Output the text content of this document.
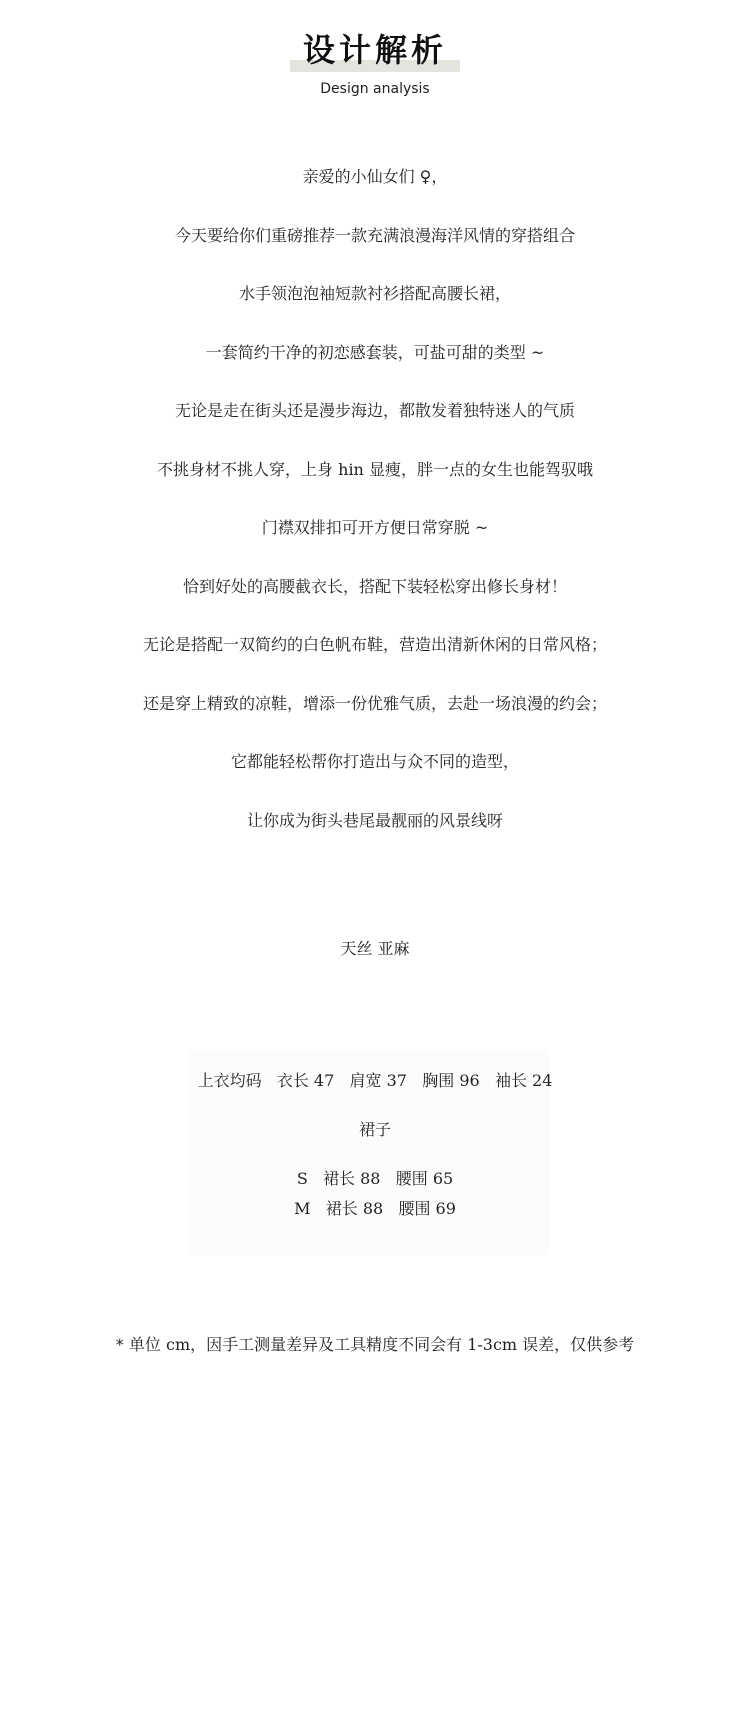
设计解析
Design analysis
亲爱的小仙女们 ♀，
今天要给你们重磅推荐一款充满浪漫海洋风情的穿搭组合
水手领泡泡袖短款衬衫搭配高腰长裙，
一套简约干净的初恋感套装，可盐可甜的类型 ~
无论是走在街头还是漫步海边，都散发着独特迷人的气质
不挑身材不挑人穿，上身 hin 显瘦，胖一点的女生也能驾驭哦
门襟双排扣可开方便日常穿脱 ~
恰到好处的高腰截衣长，搭配下装轻松穿出修长身材！
无论是搭配一双简约的白色帆布鞋，营造出清新休闲的日常风格；
还是穿上精致的凉鞋，增添一份优雅气质，去赴一场浪漫的约会；
它都能轻松帮你打造出与众不同的造型，
让你成为街头巷尾最靓丽的风景线呀
天丝 亚麻
上衣均码   衣长 47   肩宽 37   胸围 96   袖长 24
裙子
S   裙长 88   腰围 65
M   裙长 88   腰围 69
* 单位 cm，因手工测量差异及工具精度不同会有 1-3cm 误差，仅供参考
